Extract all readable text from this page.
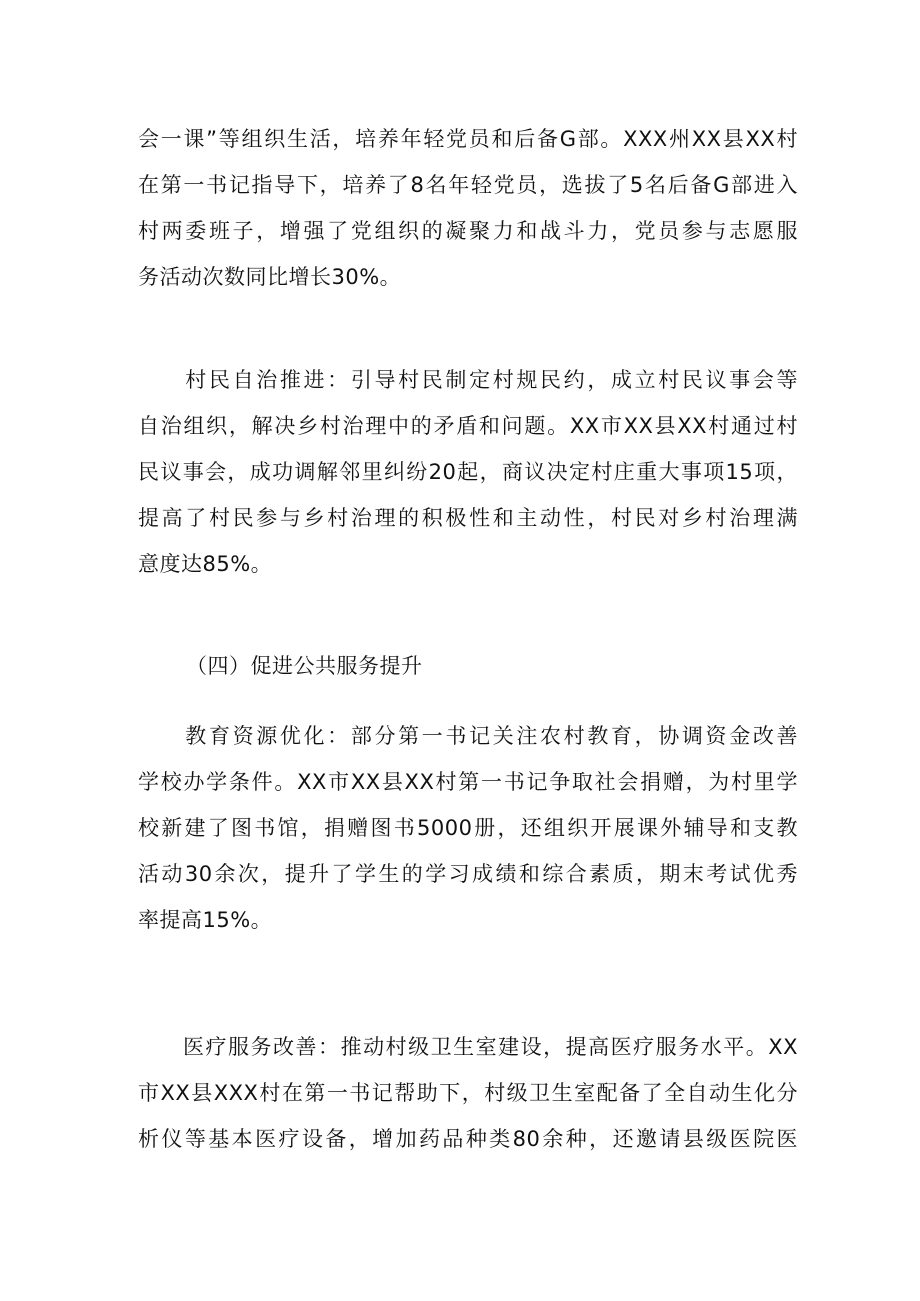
会一课”等组织生活，培养年轻党员和后备G部。XXX州XX县XX村
在第一书记指导下，培养了8名年轻党员，选拔了5名后备G部进入
村两委班子，增强了党组织的凝聚力和战斗力，党员参与志愿服
务活动次数同比增长30%。
　　村民自治推进：引导村民制定村规民约，成立村民议事会等
自治组织，解决乡村治理中的矛盾和问题。XX市XX县XX村通过村
民议事会，成功调解邻里纠纷20起，商议决定村庄重大事项15项，
提高了村民参与乡村治理的积极性和主动性，村民对乡村治理满
意度达85%。
（四）促进公共服务提升
　　教育资源优化：部分第一书记关注农村教育，协调资金改善
学校办学条件。XX市XX县XX村第一书记争取社会捐赠，为村里学
校新建了图书馆，捐赠图书5000册，还组织开展课外辅导和支教
活动30余次，提升了学生的学习成绩和综合素质，期末考试优秀
率提高15%。
　　医疗服务改善：推动村级卫生室建设，提高医疗服务水平。XX
市XX县XXX村在第一书记帮助下，村级卫生室配备了全自动生化分
析仪等基本医疗设备，增加药品种类80余种，还邀请县级医院医
